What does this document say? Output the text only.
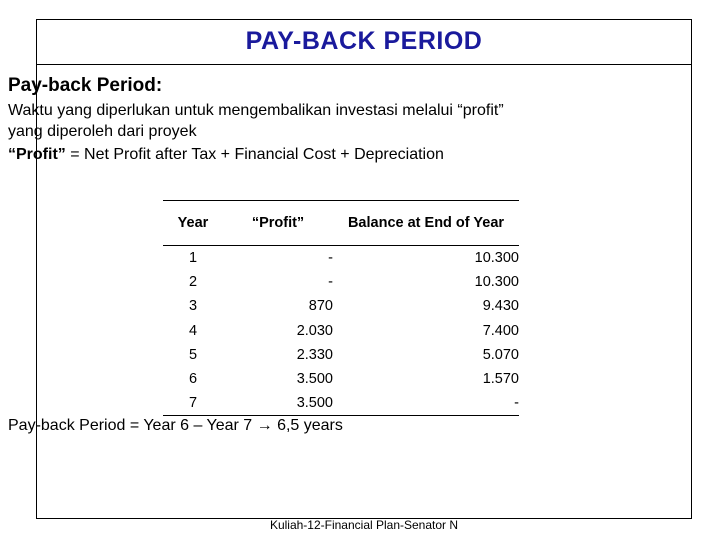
PAY-BACK PERIOD
Pay-back Period:
Waktu yang diperlukan untuk mengembalikan investasi melalui “profit”
yang diperoleh dari proyek
“Profit” = Net Profit after Tax + Financial Cost + Depreciation
Year	“Profit”	Balance at End of Year
1	-	10.300
2	-	10.300
3	870	9.430
4	2.030	7.400
5	2.330	5.070
6	3.500	1.570
7	3.500	-
Pay-back Period = Year 6 – Year 7 → 6,5 years
Kuliah-12-Financial Plan-Senator N
